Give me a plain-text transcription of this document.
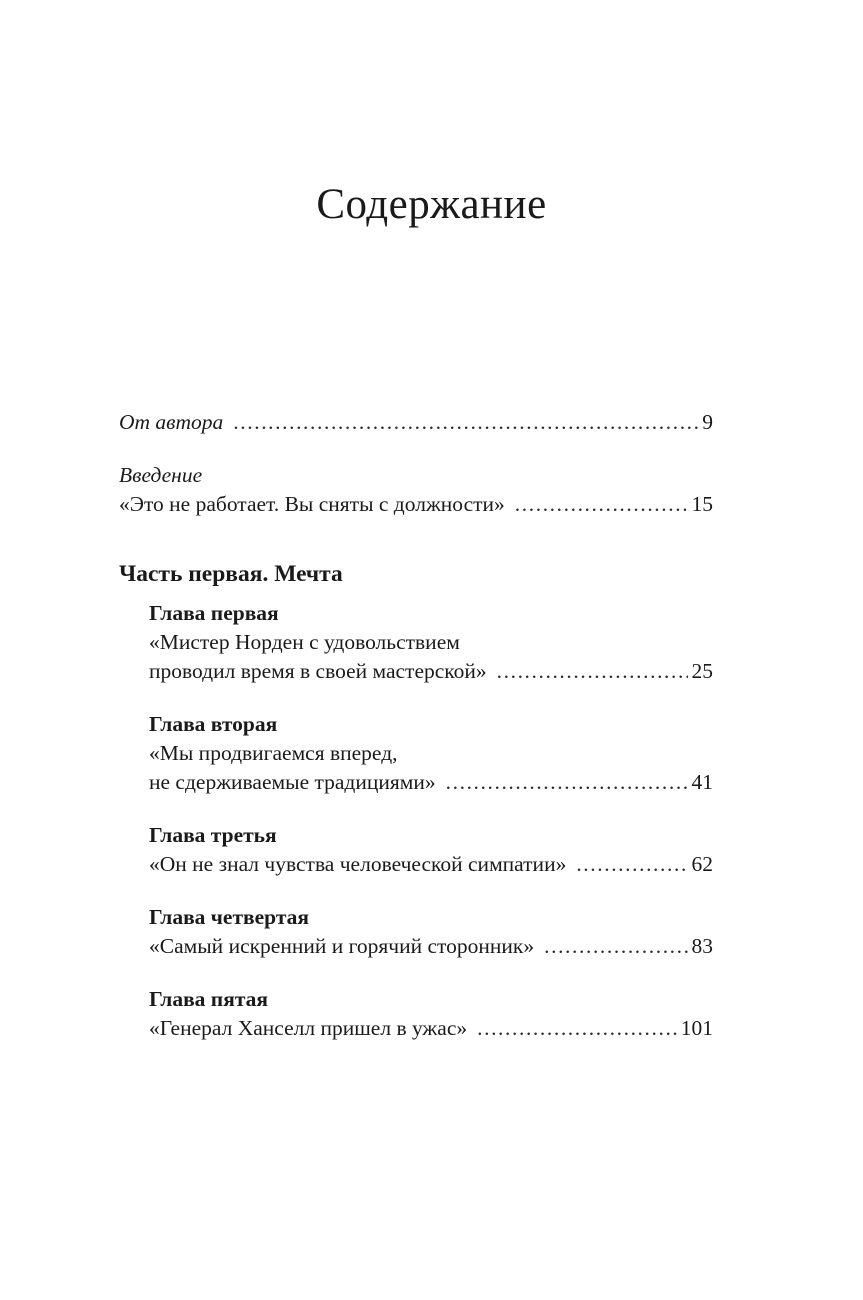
Содержание
От автора .....	9
Введение
«Это не работает. Вы сняты с должности» .....	15
Часть первая. Мечта
Глава первая
«Мистер Норден с удовольствием
проводил время в своей мастерской» .....	25
Глава вторая
«Мы продвигаемся вперед,
не сдерживаемые традициями» .....	41
Глава третья
«Он не знал чувства человеческой симпатии» .....	62
Глава четвертая
«Самый искренний и горячий сторонник» .....	83
Глава пятая
«Генерал Ханселл пришел в ужас» .....	101
